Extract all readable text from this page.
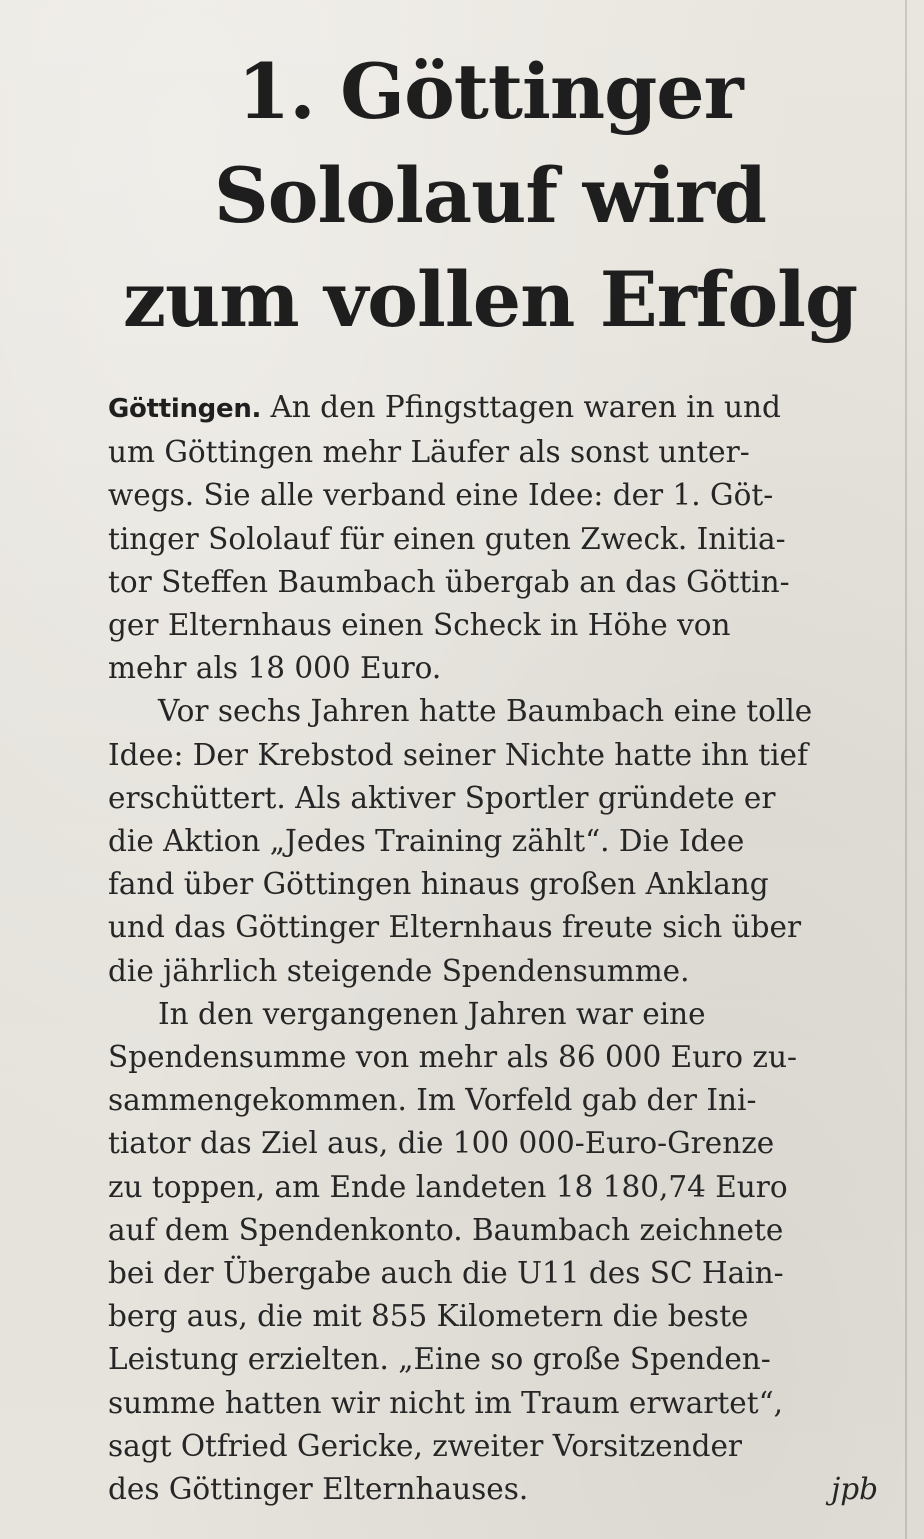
1. Göttinger
Sololauf wird
zum vollen Erfolg
Göttingen. An den Pfingsttagen waren in und
um Göttingen mehr Läufer als sonst unter-
wegs. Sie alle verband eine Idee: der 1. Göt-
tinger Sololauf für einen guten Zweck. Initia-
tor Steffen Baumbach übergab an das Göttin-
ger Elternhaus einen Scheck in Höhe von
mehr als 18 000 Euro.
Vor sechs Jahren hatte Baumbach eine tolle
Idee: Der Krebstod seiner Nichte hatte ihn tief
erschüttert. Als aktiver Sportler gründete er
die Aktion „Jedes Training zählt“. Die Idee
fand über Göttingen hinaus großen Anklang
und das Göttinger Elternhaus freute sich über
die jährlich steigende Spendensumme.
In den vergangenen Jahren war eine
Spendensumme von mehr als 86 000 Euro zu-
sammengekommen. Im Vorfeld gab der Ini-
tiator das Ziel aus, die 100 000-Euro-Grenze
zu toppen, am Ende landeten 18 180,74 Euro
auf dem Spendenkonto. Baumbach zeichnete
bei der Übergabe auch die U11 des SC Hain-
berg aus, die mit 855 Kilometern die beste
Leistung erzielten. „Eine so große Spenden-
summe hatten wir nicht im Traum erwartet“,
sagt Otfried Gericke, zweiter Vorsitzender
des Göttinger Elternhauses.	jpb
